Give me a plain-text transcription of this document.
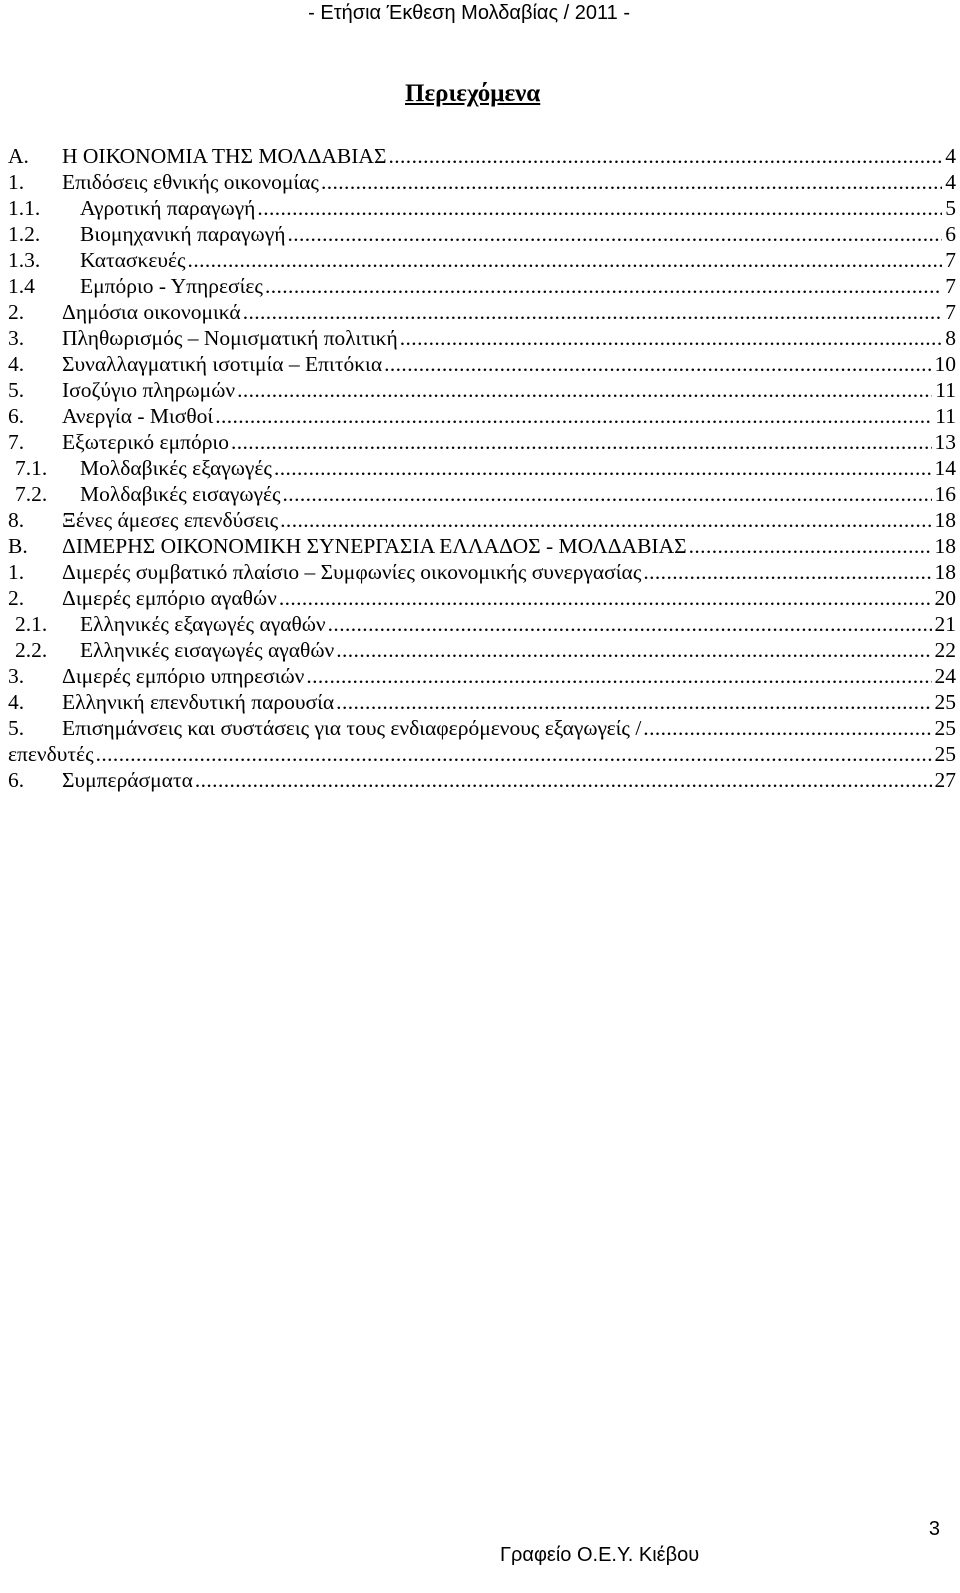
- Ετήσια Έκθεση Μολδαβίας / 2011 -
Περιεχόμενα
A. Η ΟΙΚΟΝΟΜΙΑ ΤΗΣ ΜΟΛΔΑΒΙΑΣ .....	4
1. Επιδόσεις εθνικής οικονομίας .....	4
1.1. Αγροτική παραγωγή .....	5
1.2. Βιομηχανική παραγωγή .....	6
1.3. Κατασκευές .....	7
1.4 Εμπόριο - Υπηρεσίες .....	7
2. Δημόσια οικονομικά .....	7
3. Πληθωρισμός – Νομισματική πολιτική .....	8
4. Συναλλαγματική ισοτιμία – Επιτόκια .....	10
5. Ισοζύγιο πληρωμών .....	11
6. Ανεργία - Μισθοί .....	11
7. Εξωτερικό εμπόριο .....	13
7.1. Μολδαβικές εξαγωγές .....	14
7.2. Μολδαβικές εισαγωγές .....	16
8. Ξένες άμεσες επενδύσεις .....	18
B. ΔΙΜΕΡΗΣ ΟΙΚΟΝΟΜΙΚΗ ΣΥΝΕΡΓΑΣΙΑ ΕΛΛΑΔΟΣ - ΜΟΛΔΑΒΙΑΣ .....	18
1. Διμερές συμβατικό πλαίσιο – Συμφωνίες οικονομικής συνεργασίας .....	18
2. Διμερές εμπόριο αγαθών .....	20
2.1. Ελληνικές εξαγωγές αγαθών .....	21
2.2. Ελληνικές εισαγωγές αγαθών .....	22
3. Διμερές εμπόριο υπηρεσιών .....	24
4. Ελληνική επενδυτική παρουσία .....	25
5. Επισημάνσεις και συστάσεις για τους ενδιαφερόμενους εξαγωγείς / .....	25
επενδυτές .....	25
6. Συμπεράσματα .....	27
3
Γραφείο Ο.Ε.Υ. Κιέβου
